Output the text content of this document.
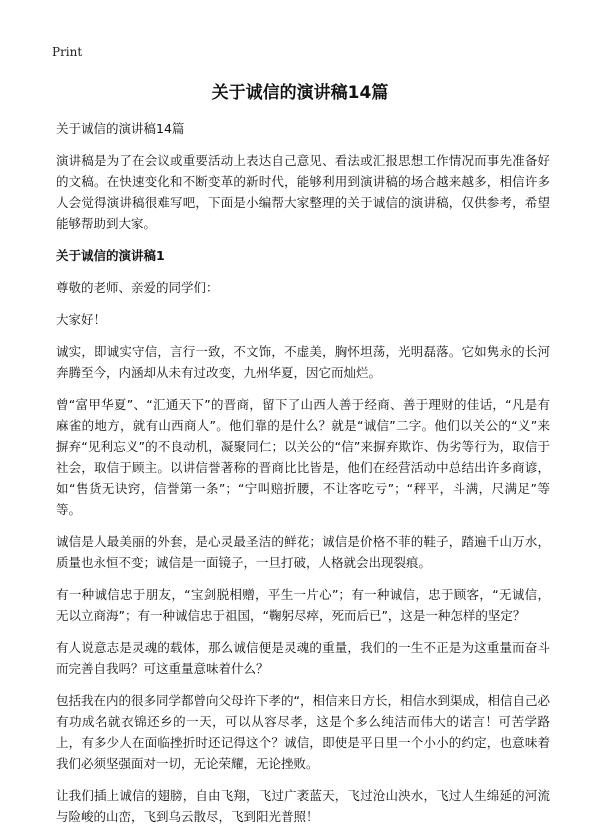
Print
关于诚信的演讲稿14篇

关于诚信的演讲稿14篇

演讲稿是为了在会议或重要活动上表达自己意见、看法或汇报思想工作情况而事先准备好的文稿。在快速变化和不断变革的新时代，能够利用到演讲稿的场合越来越多，相信许多人会觉得演讲稿很难写吧，下面是小编帮大家整理的关于诚信的演讲稿，仅供参考，希望能够帮助到大家。

关于诚信的演讲稿1

尊敬的老师、亲爱的同学们：

大家好！

诚实，即诚实守信，言行一致，不文饰，不虚美，胸怀坦荡，光明磊落。它如隽永的长河奔腾至今，内涵却从未有过改变，九州华夏，因它而灿烂。

曾“富甲华夏”、“汇通天下”的晋商，留下了山西人善于经商、善于理财的佳话，“凡是有麻雀的地方，就有山西商人”。他们靠的是什么？就是“诚信”二字。他们以关公的“义”来摒弃“见利忘义”的不良动机，凝聚同仁；以关公的“信”来摒弃欺诈、伪劣等行为，取信于社会，取信于顾主。以讲信誉著称的晋商比比皆是，他们在经营活动中总结出许多商谚，如“售货无诀窍，信誉第一条”；“宁叫赔折腰，不让客吃亏”；“秤平，斗满，尺满足”等等。

诚信是人最美丽的外套，是心灵最圣洁的鲜花；诚信是价格不菲的鞋子，踏遍千山万水，质量也永恒不变；诚信是一面镜子，一旦打破，人格就会出现裂痕。

有一种诚信忠于朋友，“宝剑脱相赠，平生一片心”；有一种诚信，忠于顾客，“无诚信，无以立商海”；有一种诚信忠于祖国，“鞠躬尽瘁，死而后已”，这是一种怎样的坚定？

有人说意志是灵魂的载体，那么诚信便是灵魂的重量，我们的一生不正是为这重量而奋斗而完善自我吗？可这重量意味着什么？

包括我在内的很多同学都曾向父母许下孝的“，相信来日方长，相信水到渠成，相信自己必有功成名就衣锦还乡的一天，可以从容尽孝，这是个多么纯洁而伟大的诺言！可苦学路上，有多少人在面临挫折时还记得这个？诚信，即使是平日里一个小小的约定，也意味着我们必须坚强面对一切，无论荣耀，无论挫败。

让我们插上诚信的翅膀，自由飞翔，飞过广袤蓝天，飞过沧山泱水，飞过人生绵延的河流与险峻的山峦，飞到乌云散尽，飞到阳光普照！
